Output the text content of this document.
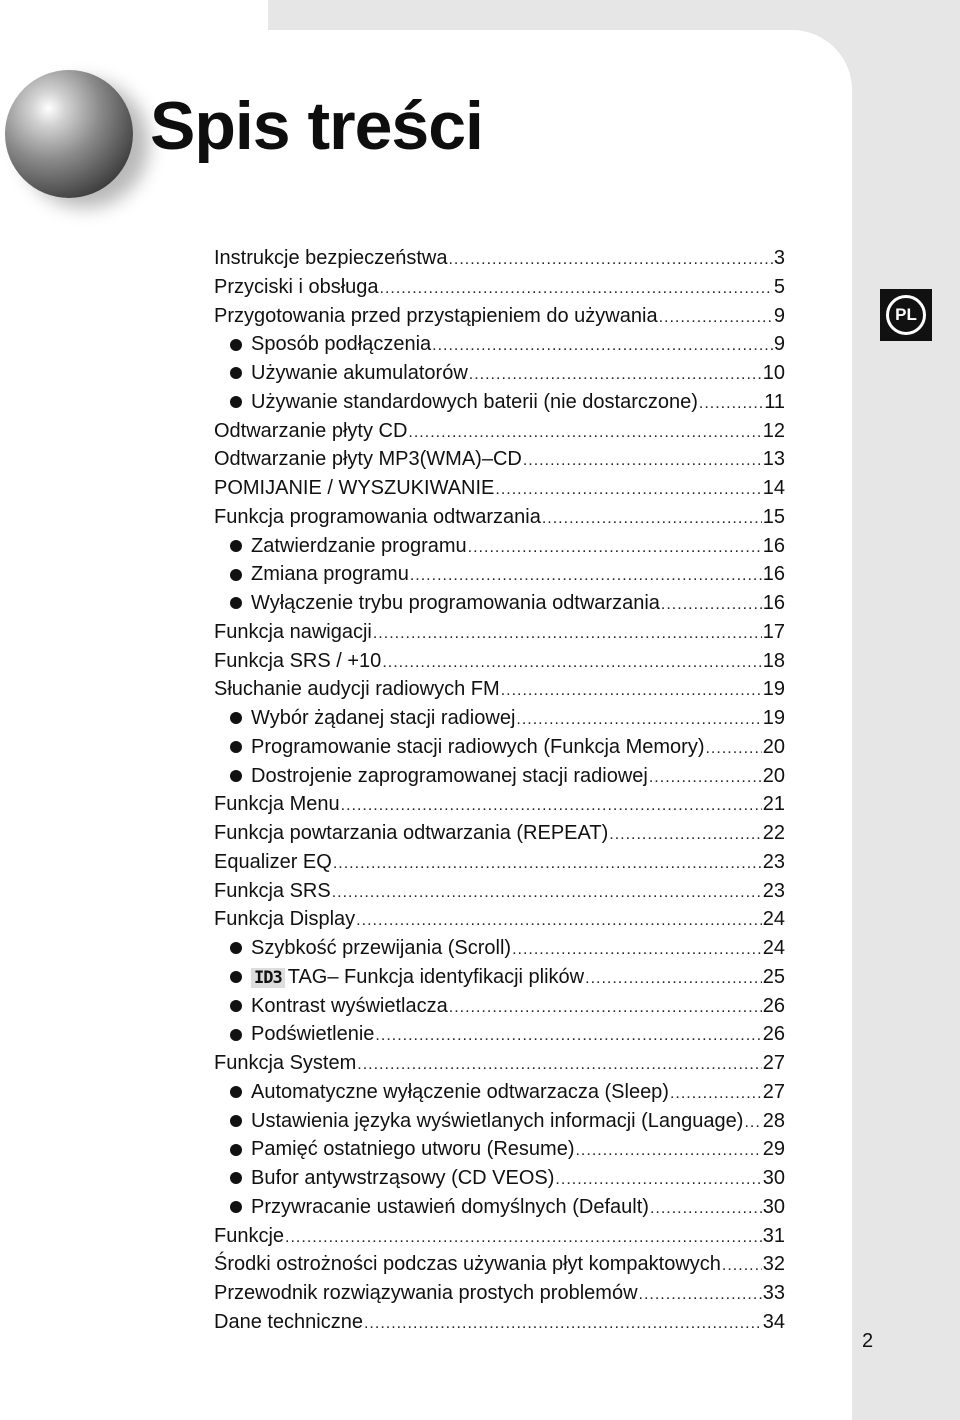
Spis treści
PL
Instrukcje bezpieczeństwa .....	3
Przyciski i obsługa .....	5
Przygotowania przed przystąpieniem do używania .....	9
Sposób podłączenia .....	9
Używanie akumulatorów .....	10
Używanie standardowych baterii (nie dostarczone) .....	11
Odtwarzanie płyty CD .....	12
Odtwarzanie płyty MP3(WMA)–CD .....	13
POMIJANIE / WYSZUKIWANIE .....	14
Funkcja programowania odtwarzania .....	15
Zatwierdzanie programu .....	16
Zmiana programu .....	16
Wyłączenie trybu programowania odtwarzania .....	16
Funkcja nawigacji .....	17
Funkcja SRS / +10 .....	18
Słuchanie audycji radiowych FM .....	19
Wybór żądanej stacji radiowej .....	19
Programowanie stacji radiowych (Funkcja Memory) .....	20
Dostrojenie zaprogramowanej stacji radiowej .....	20
Funkcja Menu .....	21
Funkcja powtarzania odtwarzania (REPEAT) .....	22
Equalizer EQ .....	23
Funkcja SRS .....	23
Funkcja Display .....	24
Szybkość przewijania (Scroll) .....	24
ID3 TAG– Funkcja identyfikacji plików .....	25
Kontrast wyświetlacza .....	26
Podświetlenie .....	26
Funkcja System .....	27
Automatyczne wyłączenie odtwarzacza (Sleep) .....	27
Ustawienia języka wyświetlanych informacji (Language) ..... 28
Pamięć ostatniego utworu (Resume) .....	29
Bufor antywstrząsowy (CD VEOS) .....	30
Przywracanie ustawień domyślnych (Default) .....	30
Funkcje .....	31
Środki ostrożności podczas używania płyt kompaktowych ..... 32
Przewodnik rozwiązywania prostych problemów .....	33
Dane techniczne .....	34
2
